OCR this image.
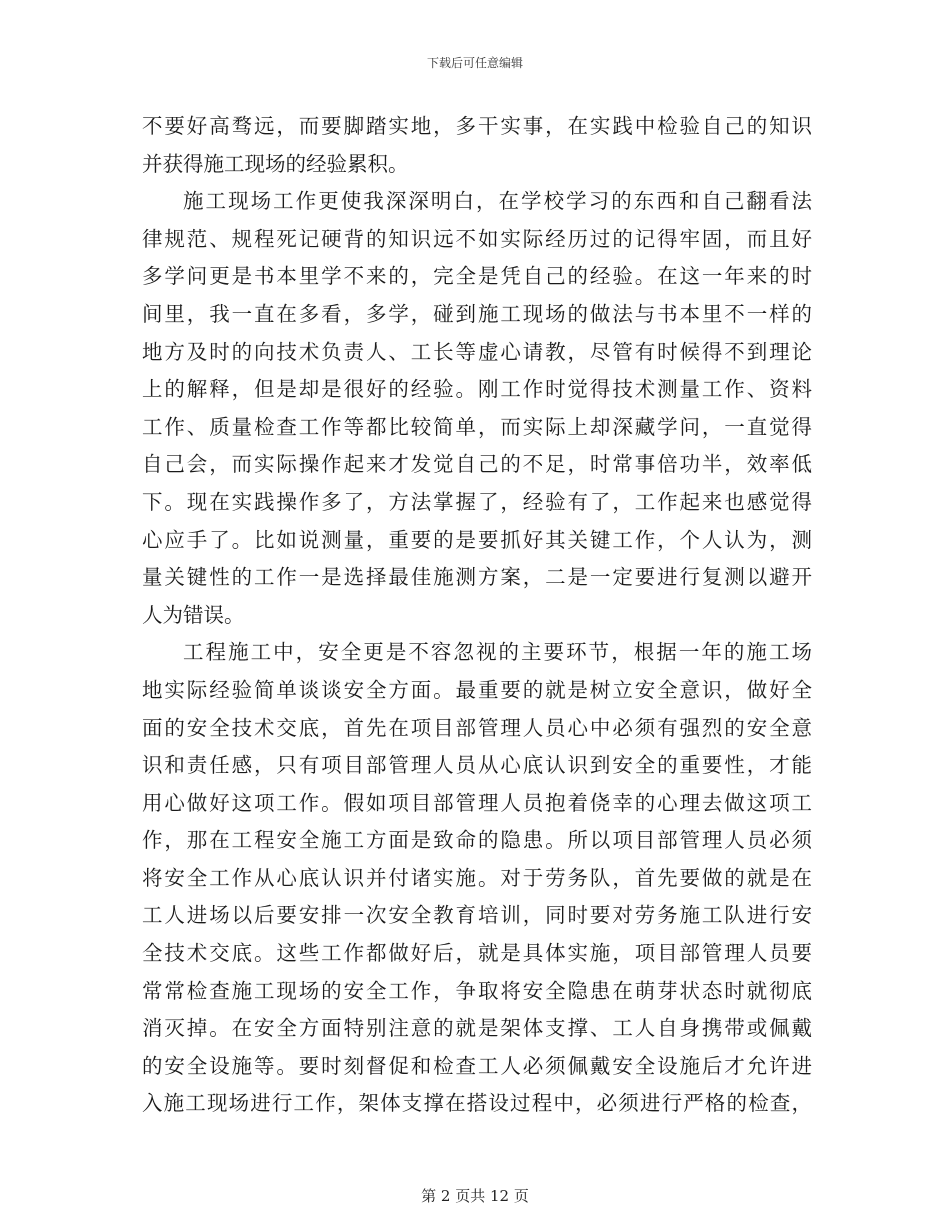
下载后可任意编辑
不要好高骛远，而要脚踏实地，多干实事，在实践中检验自己的知识
并获得施工现场的经验累积。
施工现场工作更使我深深明白，在学校学习的东西和自己翻看法
律规范、规程死记硬背的知识远不如实际经历过的记得牢固，而且好
多学问更是书本里学不来的，完全是凭自己的经验。在这一年来的时
间里，我一直在多看，多学，碰到施工现场的做法与书本里不一样的
地方及时的向技术负责人、工长等虚心请教，尽管有时候得不到理论
上的解释，但是却是很好的经验。刚工作时觉得技术测量工作、资料
工作、质量检查工作等都比较简单，而实际上却深藏学问，一直觉得
自己会，而实际操作起来才发觉自己的不足，时常事倍功半，效率低
下。现在实践操作多了，方法掌握了，经验有了，工作起来也感觉得
心应手了。比如说测量，重要的是要抓好其关键工作，个人认为，测
量关键性的工作一是选择最佳施测方案，二是一定要进行复测以避开
人为错误。
工程施工中，安全更是不容忽视的主要环节，根据一年的施工场
地实际经验简单谈谈安全方面。最重要的就是树立安全意识，做好全
面的安全技术交底，首先在项目部管理人员心中必须有强烈的安全意
识和责任感，只有项目部管理人员从心底认识到安全的重要性，才能
用心做好这项工作。假如项目部管理人员抱着侥幸的心理去做这项工
作，那在工程安全施工方面是致命的隐患。所以项目部管理人员必须
将安全工作从心底认识并付诸实施。对于劳务队，首先要做的就是在
工人进场以后要安排一次安全教育培训，同时要对劳务施工队进行安
全技术交底。这些工作都做好后，就是具体实施，项目部管理人员要
常常检查施工现场的安全工作，争取将安全隐患在萌芽状态时就彻底
消灭掉。在安全方面特别注意的就是架体支撑、工人自身携带或佩戴
的安全设施等。要时刻督促和检查工人必须佩戴安全设施后才允许进
入施工现场进行工作，架体支撑在搭设过程中，必须进行严格的检查，
第 2 页共 12 页
